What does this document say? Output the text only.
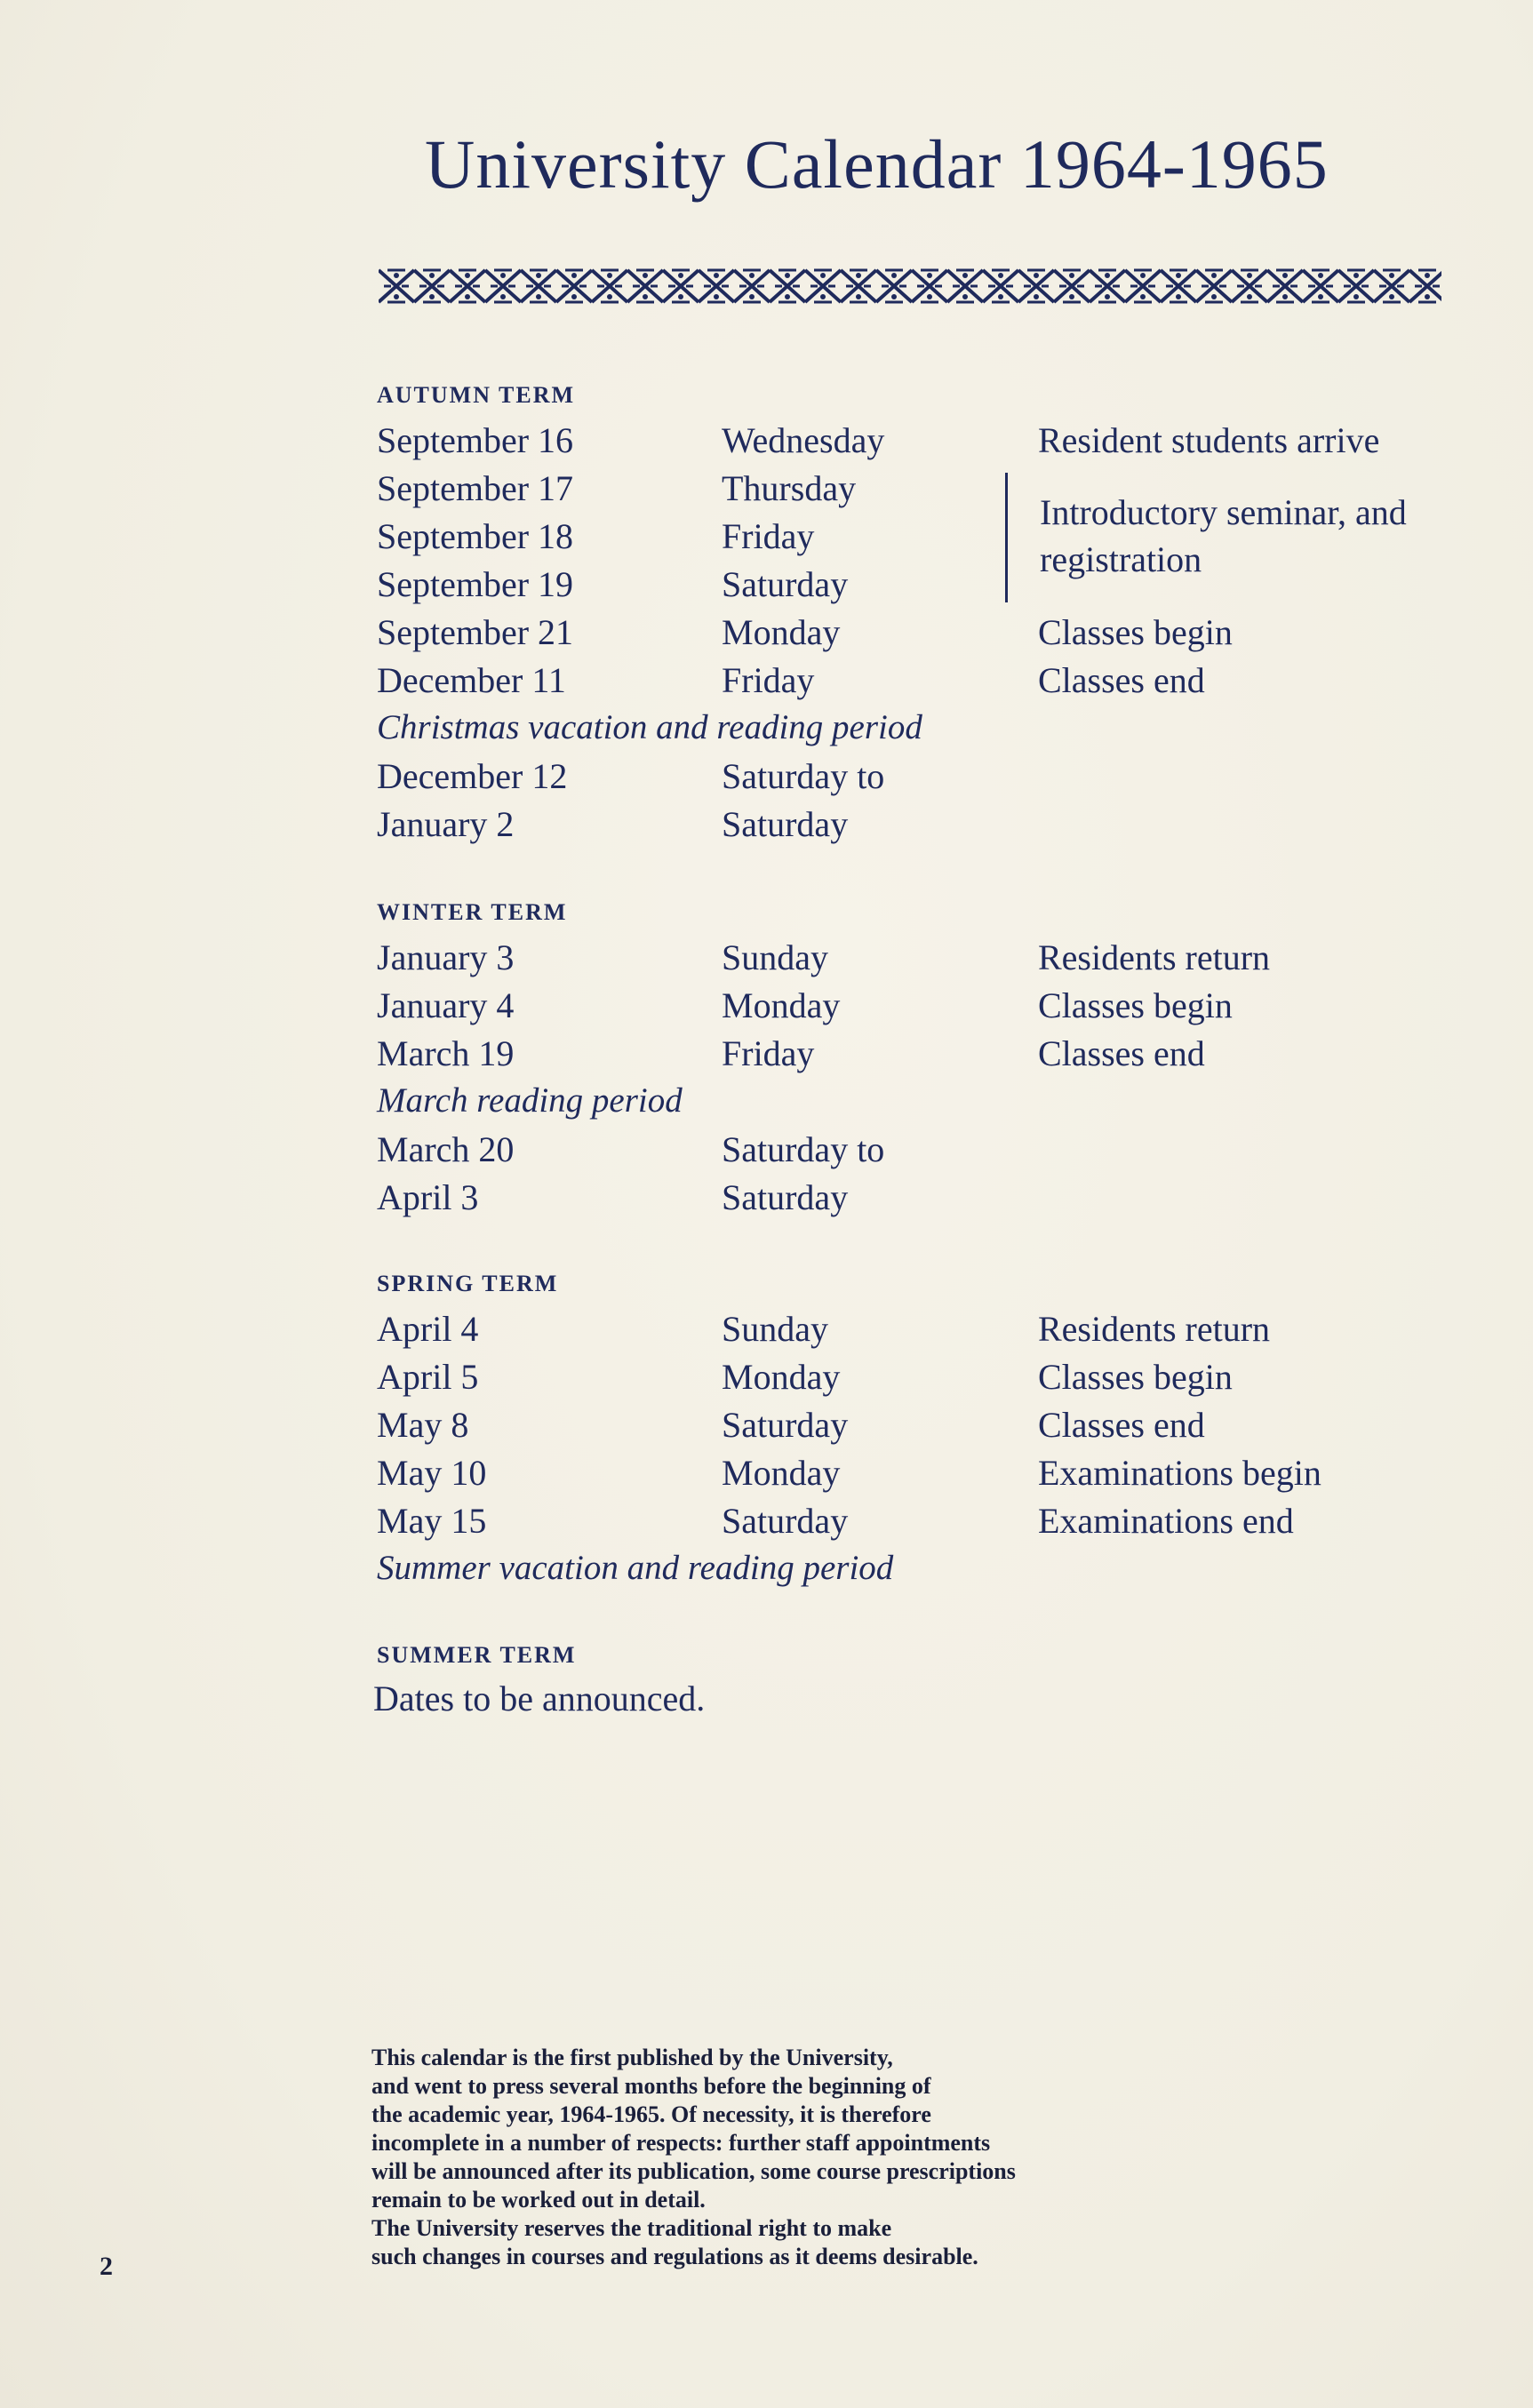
University Calendar 1964-1965
AUTUMN TERM
September 16	Wednesday	Resident students arrive
September 17	Thursday
September 18	Friday
September 19	Saturday
Introductory seminar, and registration
September 21	Monday	Classes begin
December 11	Friday	Classes end
Christmas vacation and reading period
December 12	Saturday to
January 2	Saturday
WINTER TERM
January 3	Sunday	Residents return
January 4	Monday	Classes begin
March 19	Friday	Classes end
March reading period
March 20	Saturday to
April 3	Saturday
SPRING TERM
April 4	Sunday	Residents return
April 5	Monday	Classes begin
May 8	Saturday	Classes end
May 10	Monday	Examinations begin
May 15	Saturday	Examinations end
Summer vacation and reading period
SUMMER TERM
Dates to be announced.
This calendar is the first published by the University,
and went to press several months before the beginning of
the academic year, 1964-1965. Of necessity, it is therefore
incomplete in a number of respects: further staff appointments
will be announced after its publication, some course prescriptions
remain to be worked out in detail.
The University reserves the traditional right to make
such changes in courses and regulations as it deems desirable.
2
